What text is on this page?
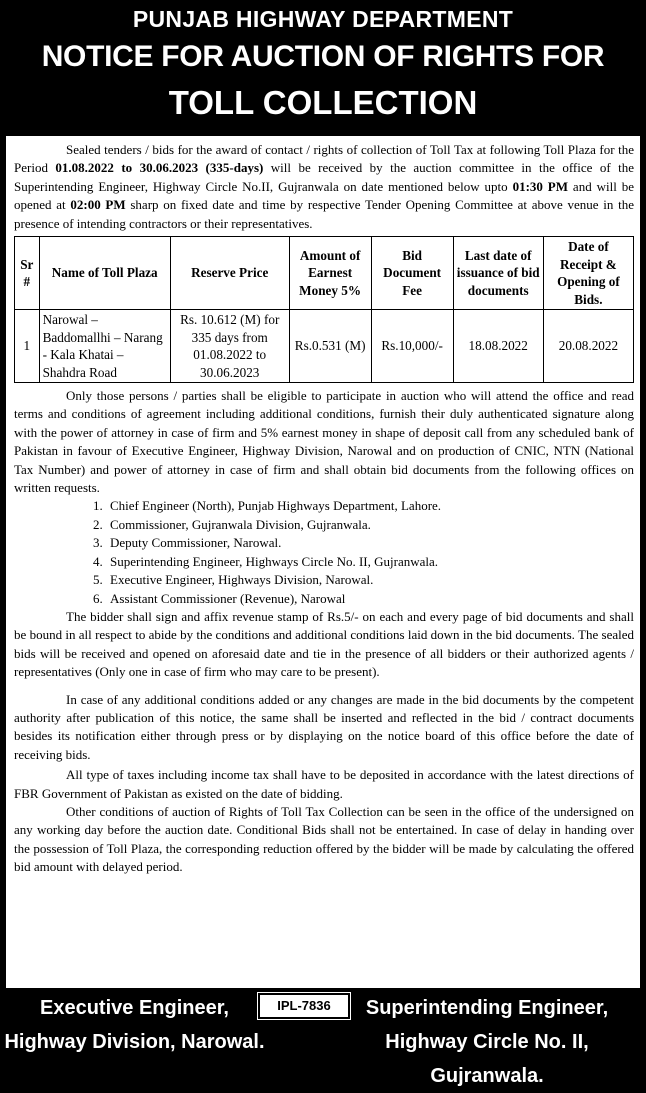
PUNJAB HIGHWAY DEPARTMENT
NOTICE FOR AUCTION OF RIGHTS FOR
TOLL COLLECTION

Sealed tenders / bids for the award of contact / rights of collection of Toll Tax at following Toll Plaza for the Period 01.08.2022 to 30.06.2023 (335-days) will be received by the auction committee in the office of the Superintending Engineer, Highway Circle No.II, Gujranwala on date mentioned below upto 01:30 PM and will be opened at 02:00 PM sharp on fixed date and time by respective Tender Opening Committee at above venue in the presence of intending contractors or their representatives.

Sr #	Name of Toll Plaza	Reserve Price	Amount of Earnest Money 5%	Bid Document Fee	Last date of issuance of bid documents	Date of Receipt & Opening of Bids.
1	Narowal – Baddomallhi – Narang - Kala Khatai – Shahdra Road	Rs. 10.612 (M) for 335 days from 01.08.2022 to 30.06.2023	Rs.0.531 (M)	Rs.10,000/-	18.08.2022	20.08.2022

Only those persons / parties shall be eligible to participate in auction who will attend the office and read terms and conditions of agreement including additional conditions, furnish their duly authenticated signature along with the power of attorney in case of firm and 5% earnest money in shape of deposit call from any scheduled bank of Pakistan in favour of Executive Engineer, Highway Division, Narowal and on production of CNIC, NTN (National Tax Number) and power of attorney in case of firm and shall obtain bid documents from the following offices on written requests.

1. Chief Engineer (North), Punjab Highways Department, Lahore.
2. Commissioner, Gujranwala Division, Gujranwala.
3. Deputy Commissioner, Narowal.
4. Superintending Engineer, Highways Circle No. II, Gujranwala.
5. Executive Engineer, Highways Division, Narowal.
6. Assistant Commissioner (Revenue), Narowal

The bidder shall sign and affix revenue stamp of Rs.5/- on each and every page of bid documents and shall be bound in all respect to abide by the conditions and additional conditions laid down in the bid documents. The sealed bids will be received and opened on aforesaid date and tie in the presence of all bidders or their authorized agents / representatives (Only one in case of firm who may care to be present).

In case of any additional conditions added or any changes are made in the bid documents by the competent authority after publication of this notice, the same shall be inserted and reflected in the bid / contract documents besides its notification either through press or by displaying on the notice board of this office before the date of receiving bids.

All type of taxes including income tax shall have to be deposited in accordance with the latest directions of FBR Government of Pakistan as existed on the date of bidding.

Other conditions of auction of Rights of Toll Tax Collection can be seen in the office of the undersigned on any working day before the auction date. Conditional Bids shall not be entertained. In case of delay in handing over the possession of Toll Plaza, the corresponding reduction offered by the bidder will be made by calculating the offered bid amount with delayed period.

Executive Engineer,
Highway Division, Narowal.
IPL-7836	Superintending Engineer,
Highway Circle No. II, Gujranwala.
